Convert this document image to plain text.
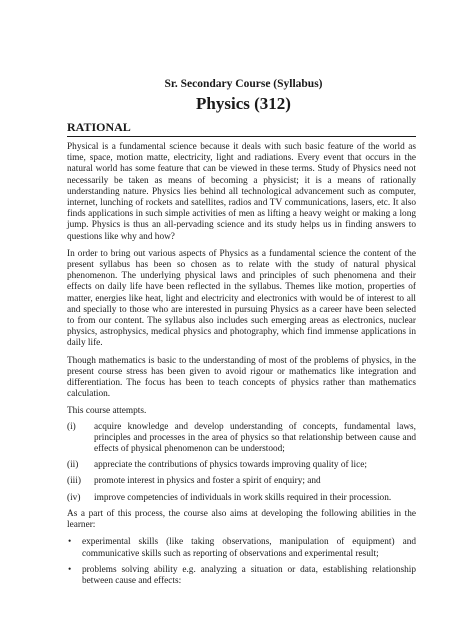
Sr. Secondary Course (Syllabus)
Physics (312)
RATIONAL

Physical is a fundamental science because it deals with such basic feature of the world as time, space, motion matte, electricity, light and radiations. Every event that occurs in the natural world has some feature that can be viewed in these terms. Study of Physics need not necessarily be taken as means of becoming a physicist; it is a means of rationally understanding nature. Physics lies behind all technological advancement such as computer, internet, lunching of rockets and satellites, radios and TV communications, lasers, etc. It also finds applications in such simple activities of men as lifting a heavy weight or making a long jump. Physics is thus an all-pervading science and its study helps us in finding answers to questions like why and how?

In order to bring out various aspects of Physics as a fundamental science the content of the present syllabus has been so chosen as to relate with the study of natural physical phenomenon. The underlying physical laws and principles of such phenomena and their effects on daily life have been reflected in the syllabus. Themes like motion, properties of matter, energies like heat, light and electricity and electronics with would be of interest to all and specially to those who are interested in pursuing Physics as a career have been selected to from our content. The syllabus also includes such emerging areas as electronics, nuclear physics, astrophysics, medical physics and photography, which find immense applications in daily life.

Though mathematics is basic to the understanding of most of the problems of physics, in the present course stress has been given to avoid rigour or mathematics like integration and differentiation. The focus has been to teach concepts of physics rather than mathematics calculation.

This course attempts.

(i)	acquire knowledge and develop understanding of concepts, fundamental laws, principles and processes in the area of physics so that relationship between cause and effects of physical phenomenon can be understood;
(ii)	appreciate the contributions of physics towards improving quality of lice;
(iii)	promote interest in physics and foster a spirit of enquiry; and
(iv)	improve competencies of individuals in work skills required in their procession.

As a part of this process, the course also aims at developing the following abilities in the learner:

•	experimental skills (like taking observations, manipulation of equipment) and communicative skills such as reporting of observations and experimental result;
•	problems solving ability e.g. analyzing a situation or data, establishing relationship between cause and effects:
